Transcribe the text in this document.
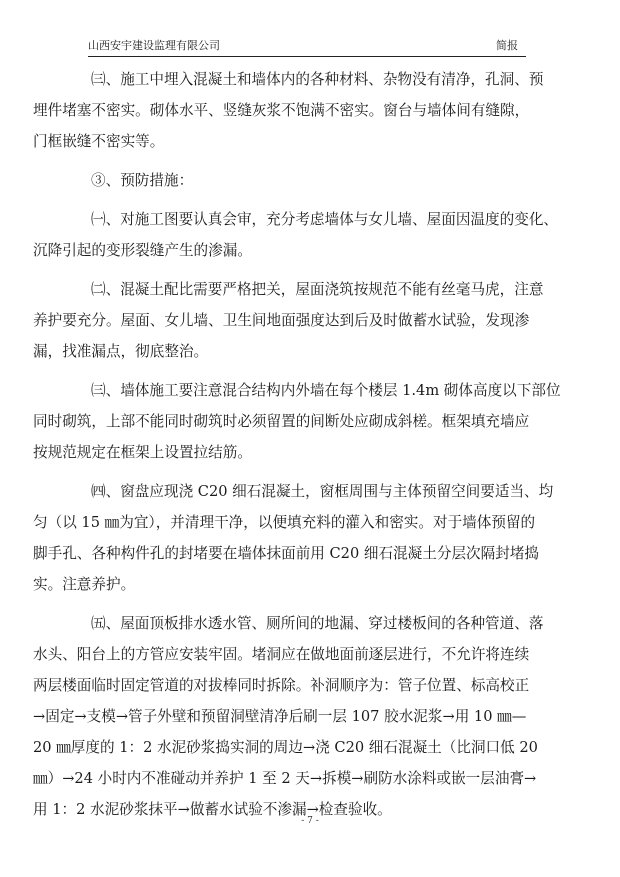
山西安宇建设监理有限公司	简报

㈢、施工中埋入混凝土和墙体内的各种材料、杂物没有清净，孔洞、预
埋件堵塞不密实。砌体水平、竖缝灰浆不饱满不密实。窗台与墙体间有缝隙，
门框嵌缝不密实等。

③、预防措施：

㈠、对施工图要认真会审，充分考虑墙体与女儿墙、屋面因温度的变化、
沉降引起的变形裂缝产生的渗漏。

㈡、混凝土配比需要严格把关，屋面浇筑按规范不能有丝毫马虎，注意
养护要充分。屋面、女儿墙、卫生间地面强度达到后及时做蓄水试验，发现渗
漏，找准漏点，彻底整治。

㈢、墙体施工要注意混合结构内外墙在每个楼层 1.4m 砌体高度以下部位
同时砌筑，上部不能同时砌筑时必须留置的间断处应砌成斜槎。框架填充墙应
按规范规定在框架上设置拉结筋。

㈣、窗盘应现浇 C20 细石混凝土，窗框周围与主体预留空间要适当、均
匀（以 15 ㎜为宜），并清理干净，以便填充料的灌入和密实。对于墙体预留的
脚手孔、各种构件孔的封堵要在墙体抹面前用 C20 细石混凝土分层次隔封堵捣
实。注意养护。

㈤、屋面顶板排水透水管、厕所间的地漏、穿过楼板间的各种管道、落
水头、阳台上的方管应安装牢固。堵洞应在做地面前逐层进行，不允许将连续
两层楼面临时固定管道的对拔棒同时拆除。补洞顺序为：管子位置、标高校正
→固定→支模→管子外壁和预留洞壁清净后刷一层 107 胶水泥浆→用 10 ㎜—
20 ㎜厚度的 1：2 水泥砂浆捣实洞的周边→浇 C20 细石混凝土（比洞口低 20
㎜）→24 小时内不准碰动并养护 1 至 2 天→拆模→刷防水涂料或嵌一层油膏→
用 1：2 水泥砂浆抹平→做蓄水试验不渗漏→检查验收。

- 7 -
